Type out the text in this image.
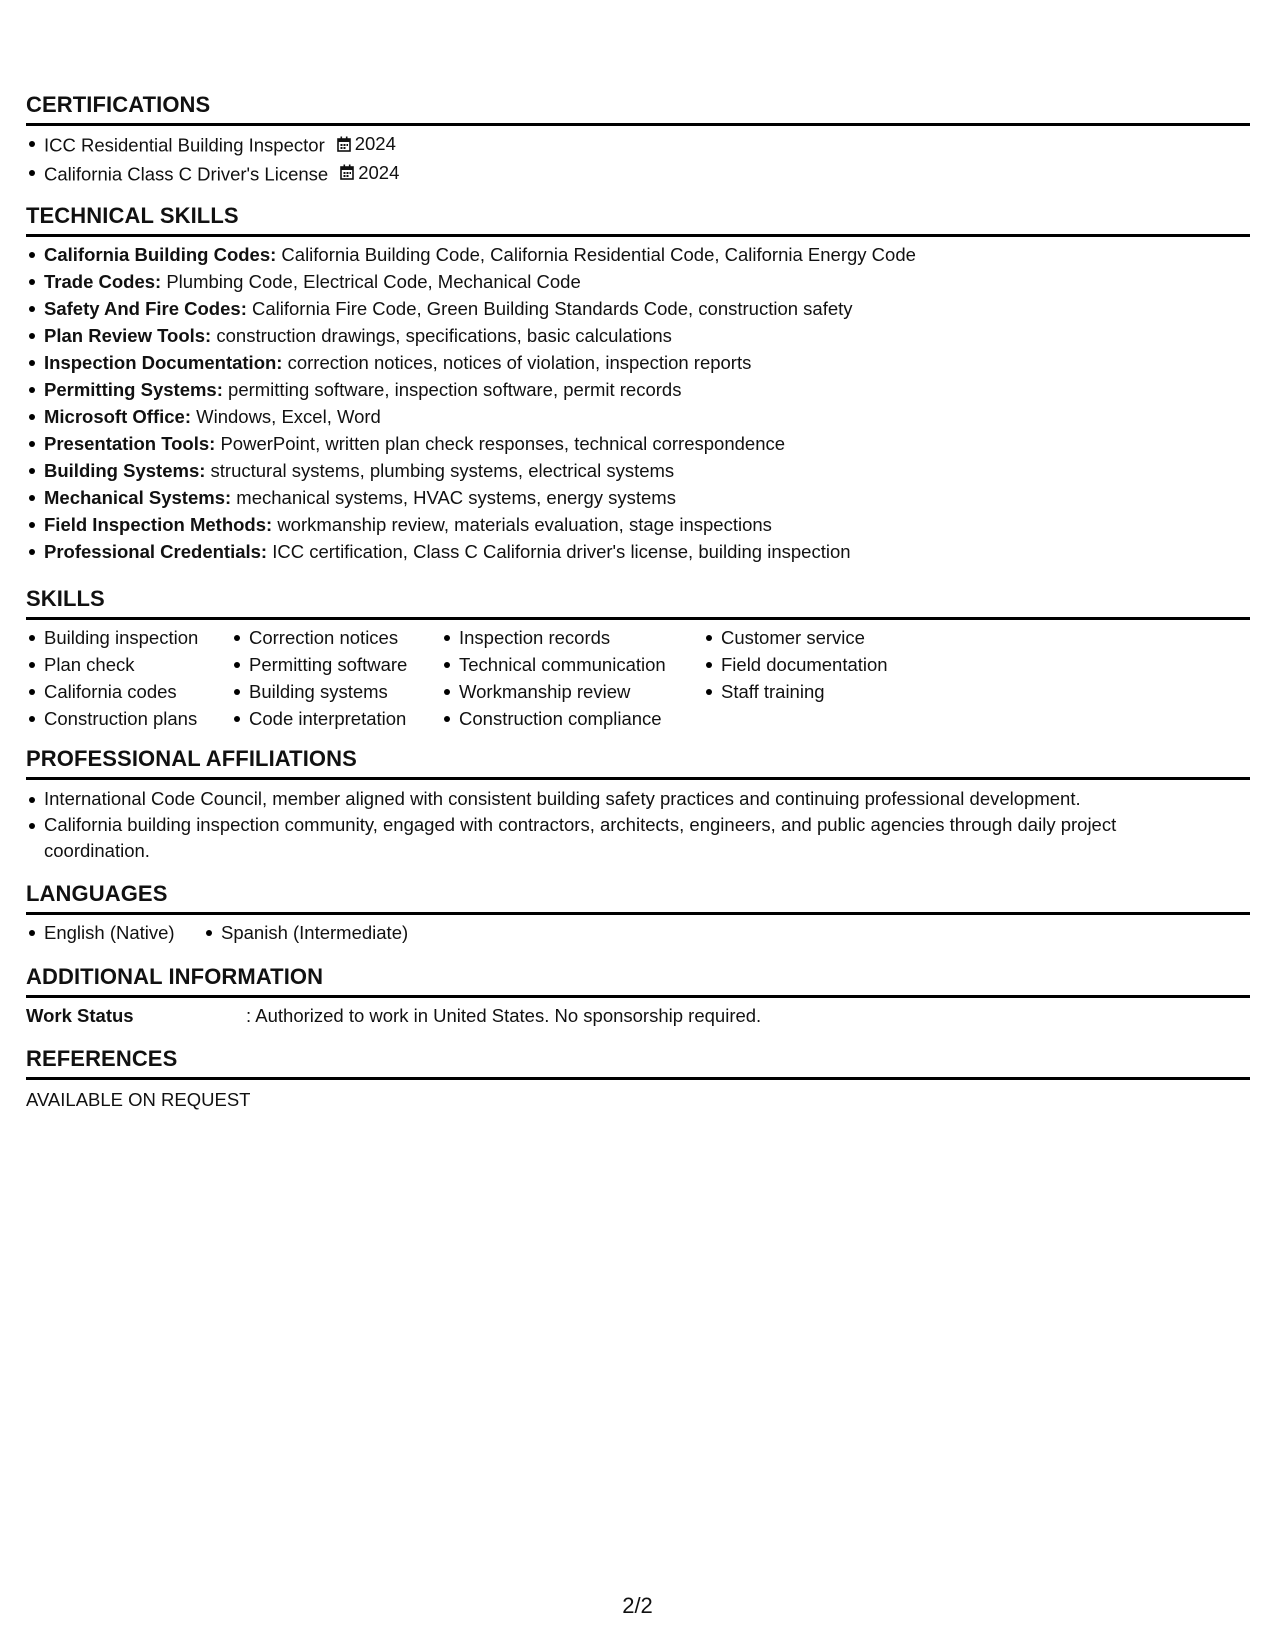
CERTIFICATIONS
ICC Residential Building Inspector 2024
California Class C Driver's License 2024
TECHNICAL SKILLS
California Building Codes: California Building Code, California Residential Code, California Energy Code
Trade Codes: Plumbing Code, Electrical Code, Mechanical Code
Safety And Fire Codes: California Fire Code, Green Building Standards Code, construction safety
Plan Review Tools: construction drawings, specifications, basic calculations
Inspection Documentation: correction notices, notices of violation, inspection reports
Permitting Systems: permitting software, inspection software, permit records
Microsoft Office: Windows, Excel, Word
Presentation Tools: PowerPoint, written plan check responses, technical correspondence
Building Systems: structural systems, plumbing systems, electrical systems
Mechanical Systems: mechanical systems, HVAC systems, energy systems
Field Inspection Methods: workmanship review, materials evaluation, stage inspections
Professional Credentials: ICC certification, Class C California driver's license, building inspection
SKILLS
Building inspection
Plan check
California codes
Construction plans
Correction notices
Permitting software
Building systems
Code interpretation
Inspection records
Technical communication
Workmanship review
Construction compliance
Customer service
Field documentation
Staff training
PROFESSIONAL AFFILIATIONS
International Code Council, member aligned with consistent building safety practices and continuing professional development.
California building inspection community, engaged with contractors, architects, engineers, and public agencies through daily project coordination.
LANGUAGES
English (Native)	Spanish (Intermediate)
ADDITIONAL INFORMATION
Work Status	: Authorized to work in United States. No sponsorship required.
REFERENCES
AVAILABLE ON REQUEST
2/2
